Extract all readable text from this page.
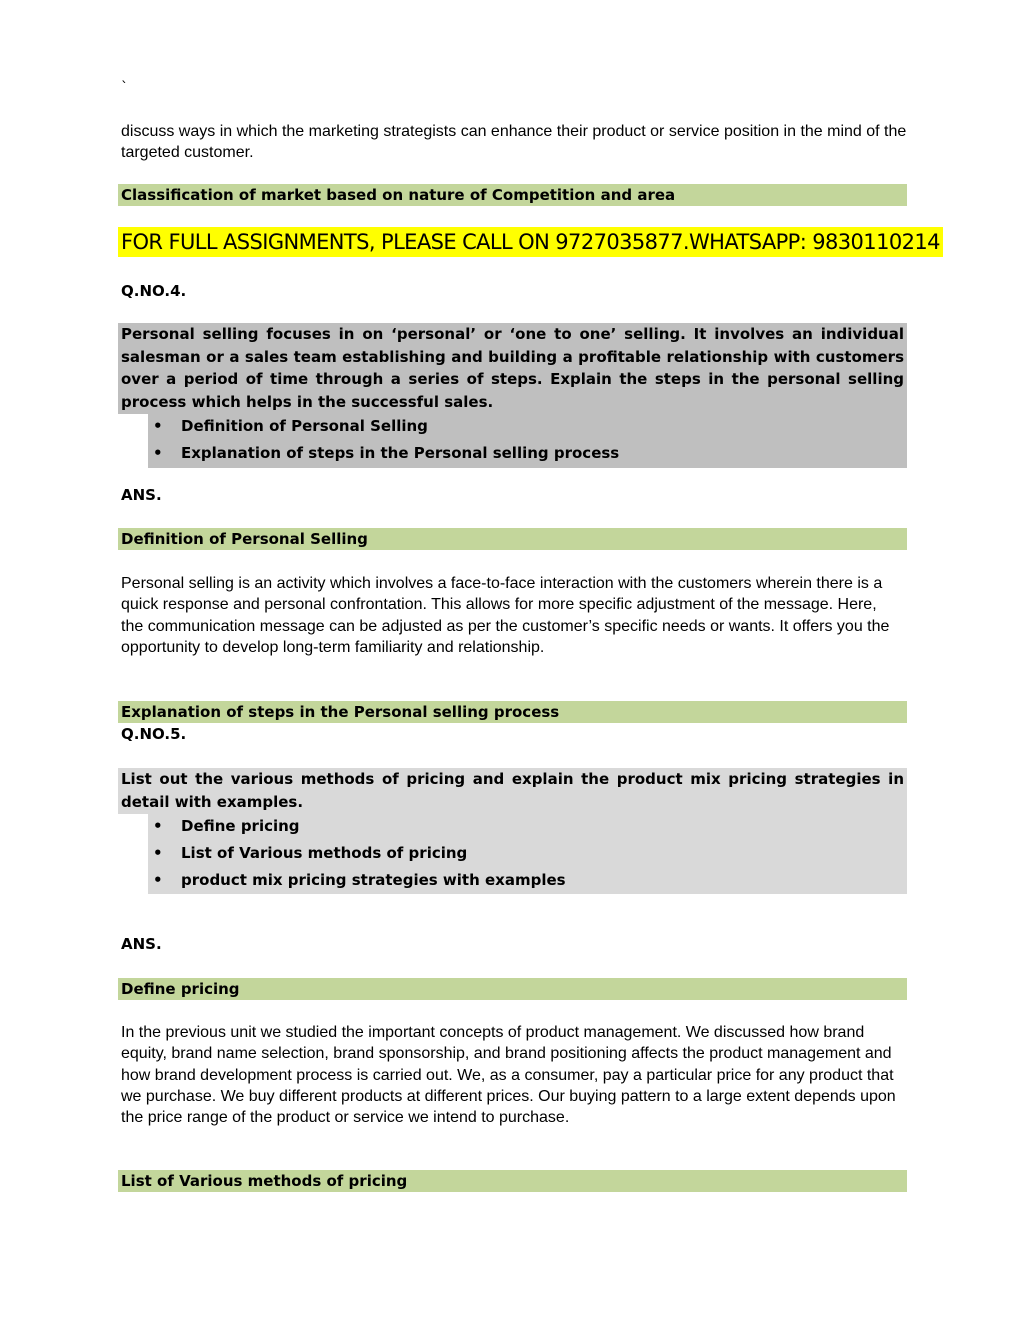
`
discuss ways in which the marketing strategists can enhance their product or service position in the mind of the targeted customer.
Classification of market based on nature of Competition and area
FOR FULL ASSIGNMENTS, PLEASE CALL ON 9727035877.WHATSAPP: 9830110214
Q.NO.4.
Personal selling focuses in on ‘personal’ or ‘one to one’ selling. It involves an individual salesman or a sales team establishing and building a profitable relationship with customers over a period of time through a series of steps. Explain the steps in the personal selling process which helps in the successful sales.
• Definition of Personal Selling
• Explanation of steps in the Personal selling process
ANS.
Definition of Personal Selling
Personal selling is an activity which involves a face-to-face interaction with the customers wherein there is a quick response and personal confrontation. This allows for more specific adjustment of the message. Here, the communication message can be adjusted as per the customer’s specific needs or wants. It offers you the opportunity to develop long-term familiarity and relationship.
Explanation of steps in the Personal selling process
Q.NO.5.
List out the various methods of pricing and explain the product mix pricing strategies in detail with examples.
• Define pricing
• List of Various methods of pricing
• product mix pricing strategies with examples
ANS.
Define pricing
In the previous unit we studied the important concepts of product management. We discussed how brand equity, brand name selection, brand sponsorship, and brand positioning affects the product management and how brand development process is carried out. We, as a consumer, pay a particular price for any product that we purchase. We buy different products at different prices. Our buying pattern to a large extent depends upon the price range of the product or service we intend to purchase.
List of Various methods of pricing
